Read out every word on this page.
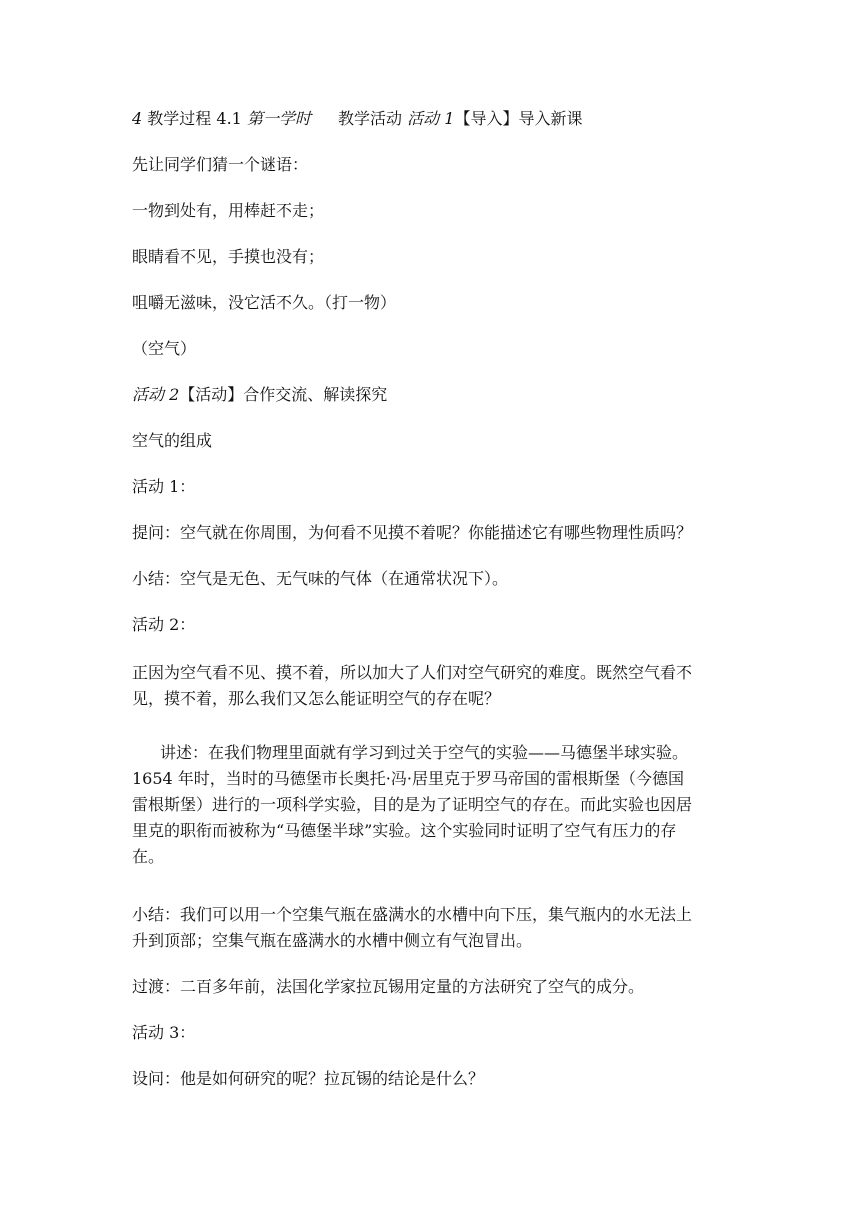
4 教学过程 4.1 第一学时 教学活动 活动 1【导入】导入新课

先让同学们猜一个谜语：

一物到处有，用棒赶不走；

眼睛看不见，手摸也没有；

咀嚼无滋味，没它活不久。（打一物）

（空气）

活动 2【活动】合作交流、解读探究

空气的组成

活动 1：

提问：空气就在你周围，为何看不见摸不着呢？你能描述它有哪些物理性质吗？

小结：空气是无色、无气味的气体（在通常状况下）。

活动 2：

正因为空气看不见、摸不着，所以加大了人们对空气研究的难度。既然空气看不
见，摸不着，那么我们又怎么能证明空气的存在呢？
讲述：在我们物理里面就有学习到过关于空气的实验——马德堡半球实验。
1654 年时，当时的马德堡市长奥托·冯·居里克于罗马帝国的雷根斯堡（今德国
雷根斯堡）进行的一项科学实验，目的是为了证明空气的存在。而此实验也因居
里克的职衔而被称为“马德堡半球”实验。这个实验同时证明了空气有压力的存
在。
小结：我们可以用一个空集气瓶在盛满水的水槽中向下压，集气瓶内的水无法上
升到顶部；空集气瓶在盛满水的水槽中侧立有气泡冒出。

过渡：二百多年前，法国化学家拉瓦锡用定量的方法研究了空气的成分。

活动 3：

设问：他是如何研究的呢？拉瓦锡的结论是什么？
